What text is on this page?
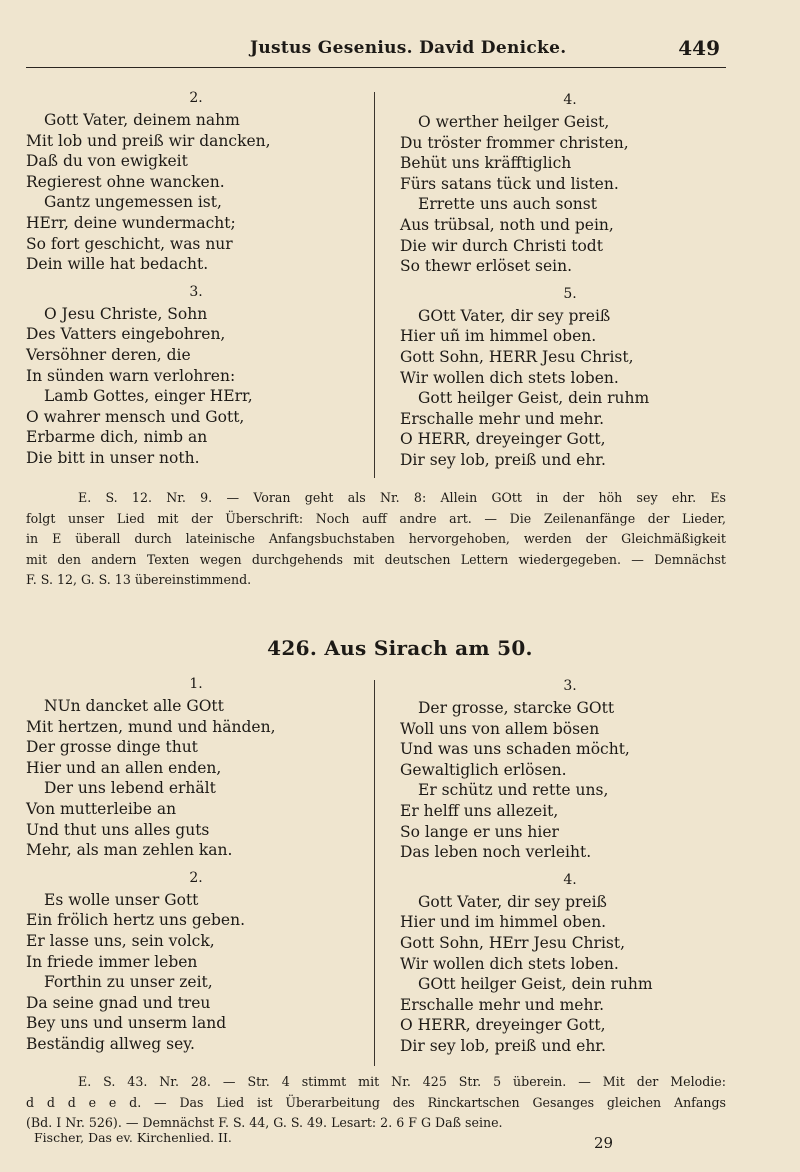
Justus Gesenius. David Denicke.	449
2.
Gott Vater, deinem nahm
Mit lob und preiß wir dancken,
Daß du von ewigkeit
Regierest ohne wancken.
Gantz ungemessen ist,
HErr, deine wundermacht;
So fort geschicht, was nur
Dein wille hat bedacht.
3.
O Jesu Christe, Sohn
Des Vatters eingebohren,
Versöhner deren, die
In sünden warn verlohren:
Lamb Gottes, einger HErr,
O wahrer mensch und Gott,
Erbarme dich, nimb an
Die bitt in unser noth.
4.
O werther heilger Geist,
Du tröster frommer christen,
Behüt uns kräfftiglich
Fürs satans tück und listen.
Errette uns auch sonst
Aus trübsal, noth und pein,
Die wir durch Christi todt
So thewr erlöset sein.
5.
GOtt Vater, dir sey preiß
Hier uñ im himmel oben.
Gott Sohn, HERR Jesu Christ,
Wir wollen dich stets loben.
Gott heilger Geist, dein ruhm
Erschalle mehr und mehr.
O HERR, dreyeinger Gott,
Dir sey lob, preiß und ehr.
E. S. 12. Nr. 9. — Voran geht als Nr. 8: Allein GOtt in der höh sey ehr. Es
folgt unser Lied mit der Überschrift: Noch auff andre art. — Die Zeilenanfänge der Lieder,
in E überall durch lateinische Anfangsbuchstaben hervorgehoben, werden der Gleichmäßigkeit
mit den andern Texten wegen durchgehends mit deutschen Lettern wiedergegeben. — Demnächst
F. S. 12, G. S. 13 übereinstimmend.
426. Aus Sirach am 50.
1.
NUn dancket alle GOtt
Mit hertzen, mund und händen,
Der grosse dinge thut
Hier und an allen enden,
Der uns lebend erhält
Von mutterleibe an
Und thut uns alles guts
Mehr, als man zehlen kan.
2.
Es wolle unser Gott
Ein frölich hertz uns geben.
Er lasse uns, sein volck,
In friede immer leben
Forthin zu unser zeit,
Da seine gnad und treu
Bey uns und unserm land
Beständig allweg sey.
3.
Der grosse, starcke GOtt
Woll uns von allem bösen
Und was uns schaden möcht,
Gewaltiglich erlösen.
Er schütz und rette uns,
Er helff uns allezeit,
So lange er uns hier
Das leben noch verleiht.
4.
Gott Vater, dir sey preiß
Hier und im himmel oben.
Gott Sohn, HErr Jesu Christ,
Wir wollen dich stets loben.
GOtt heilger Geist, dein ruhm
Erschalle mehr und mehr.
O HERR, dreyeinger Gott,
Dir sey lob, preiß und ehr.
E. S. 43. Nr. 28. — Str. 4 stimmt mit Nr. 425 Str. 5 überein. — Mit der Melodie:
d d d e e d. — Das Lied ist Überarbeitung des Rinckartschen Gesanges gleichen Anfangs
(Bd. I Nr. 526). — Demnächst F. S. 44, G. S. 49. Lesart: 2. 6 F G Daß seine.
Fischer, Das ev. Kirchenlied. II.	29
